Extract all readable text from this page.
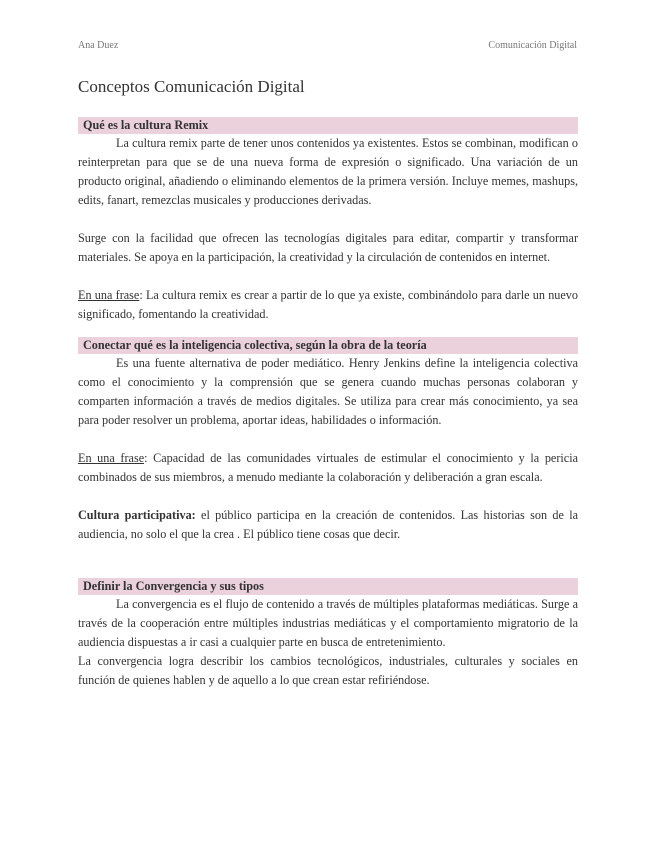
Ana Duez	Comunicación Digital
Conceptos Comunicación Digital
Qué es la cultura Remix

La cultura remix parte de tener unos contenidos ya existentes. Estos se combinan, modifican o reinterpretan para que se de una nueva forma de expresión o significado. Una variación de un producto original, añadiendo o eliminando elementos de la primera versión. Incluye memes, mashups, edits, fanart, remezclas musicales y producciones derivadas.

Surge con la facilidad que ofrecen las tecnologías digitales para editar, compartir y transformar materiales. Se apoya en la participación, la creatividad y la circulación de contenidos en internet.

En una frase: La cultura remix es crear a partir de lo que ya existe, combinándolo para darle un nuevo significado, fomentando la creatividad.

Conectar qué es la inteligencia colectiva, según la obra de la teoría

Es una fuente alternativa de poder mediático. Henry Jenkins define la inteligencia colectiva como el conocimiento y la comprensión que se genera cuando muchas personas colaboran y comparten información a través de medios digitales. Se utiliza para crear más conocimiento, ya sea para poder resolver un problema, aportar ideas, habilidades o información.

En una frase: Capacidad de las comunidades virtuales de estimular el conocimiento y la pericia combinados de sus miembros, a menudo mediante la colaboración y deliberación a gran escala.

Cultura participativa: el público participa en la creación de contenidos. Las historias son de la audiencia, no solo el que la crea . El público tiene cosas que decir.

Definir la Convergencia y sus tipos

La convergencia es el flujo de contenido a través de múltiples plataformas mediáticas. Surge a través de la cooperación entre múltiples industrias mediáticas y el comportamiento migratorio de la audiencia dispuestas a ir casi a cualquier parte en busca de entretenimiento.

La convergencia logra describir los cambios tecnológicos, industriales, culturales y sociales en función de quienes hablen y de aquello a lo que crean estar refiriéndose.
